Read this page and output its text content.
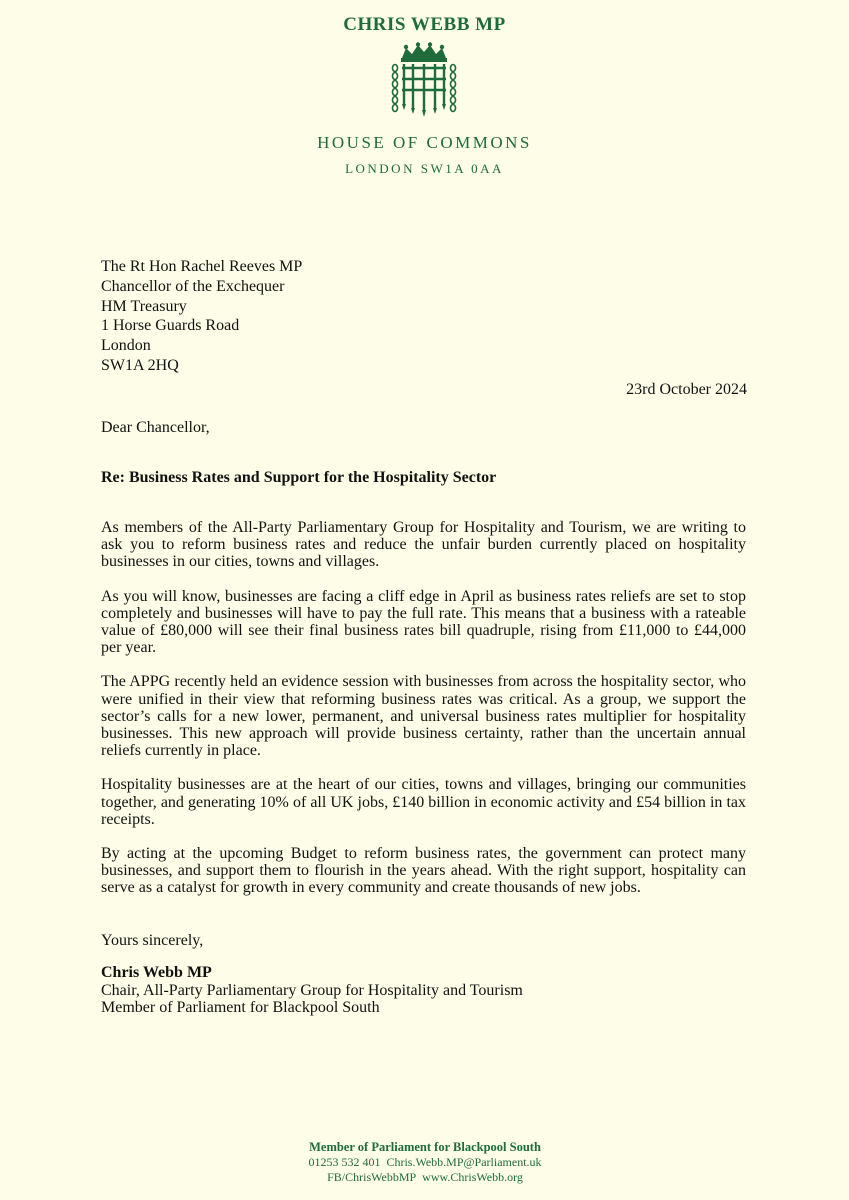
CHRIS WEBB MP
HOUSE OF COMMONS
LONDON SW1A 0AA
The Rt Hon Rachel Reeves MP
Chancellor of the Exchequer
HM Treasury
1 Horse Guards Road
London
SW1A 2HQ
23rd October 2024
Dear Chancellor,
Re: Business Rates and Support for the Hospitality Sector

As members of the All-Party Parliamentary Group for Hospitality and Tourism, we are writing to ask you to reform business rates and reduce the unfair burden currently placed on hospitality businesses in our cities, towns and villages.

As you will know, businesses are facing a cliff edge in April as business rates reliefs are set to stop completely and businesses will have to pay the full rate. This means that a business with a rateable value of £80,000 will see their final business rates bill quadruple, rising from £11,000 to £44,000 per year.

The APPG recently held an evidence session with businesses from across the hospitality sector, who were unified in their view that reforming business rates was critical. As a group, we support the sector’s calls for a new lower, permanent, and universal business rates multiplier for hospitality businesses. This new approach will provide business certainty, rather than the uncertain annual reliefs currently in place.

Hospitality businesses are at the heart of our cities, towns and villages, bringing our communities together, and generating 10% of all UK jobs, £140 billion in economic activity and £54 billion in tax receipts.

By acting at the upcoming Budget to reform business rates, the government can protect many businesses, and support them to flourish in the years ahead. With the right support, hospitality can serve as a catalyst for growth in every community and create thousands of new jobs.

Yours sincerely,
Chris Webb MP
Chair, All-Party Parliamentary Group for Hospitality and Tourism
Member of Parliament for Blackpool South
Member of Parliament for Blackpool South
01253 532 401 Chris.Webb.MP@Parliament.uk
FB/ChrisWebbMP www.ChrisWebb.org
